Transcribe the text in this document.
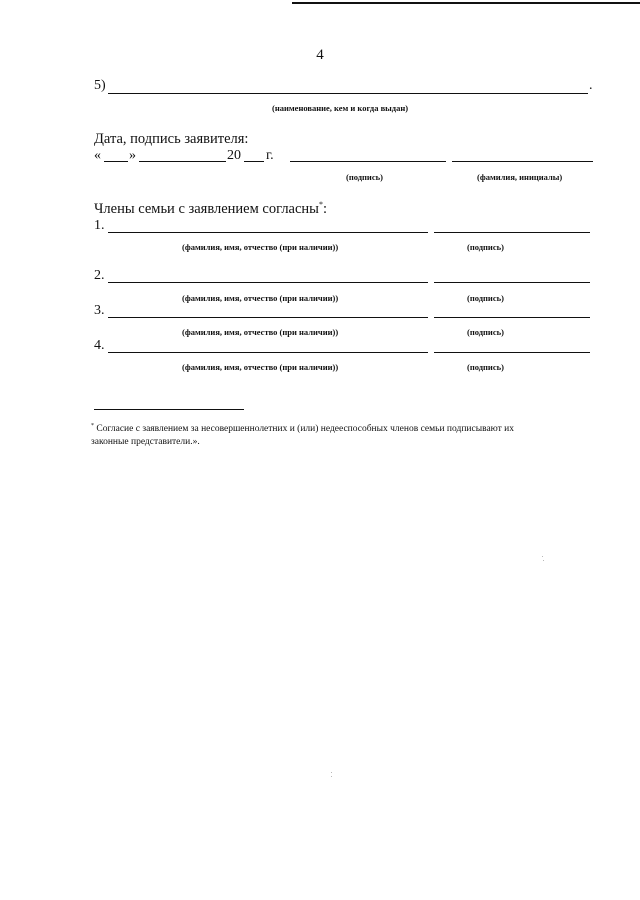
4
5)	.
(наименование, кем и когда выдан)
Дата, подпись заявителя:
« »	20 г.
(подпись)	(фамилия, инициалы)
Члены семьи с заявлением согласны*:
1.
(фамилия, имя, отчество (при наличии))	(подпись)
2.
(фамилия, имя, отчество (при наличии))	(подпись)
3.
(фамилия, имя, отчество (при наличии))	(подпись)
4.
(фамилия, имя, отчество (при наличии))	(подпись)
* Согласие с заявлением за несовершеннолетних и (или) недееспособных членов семьи подписывают их
законные представители.».
